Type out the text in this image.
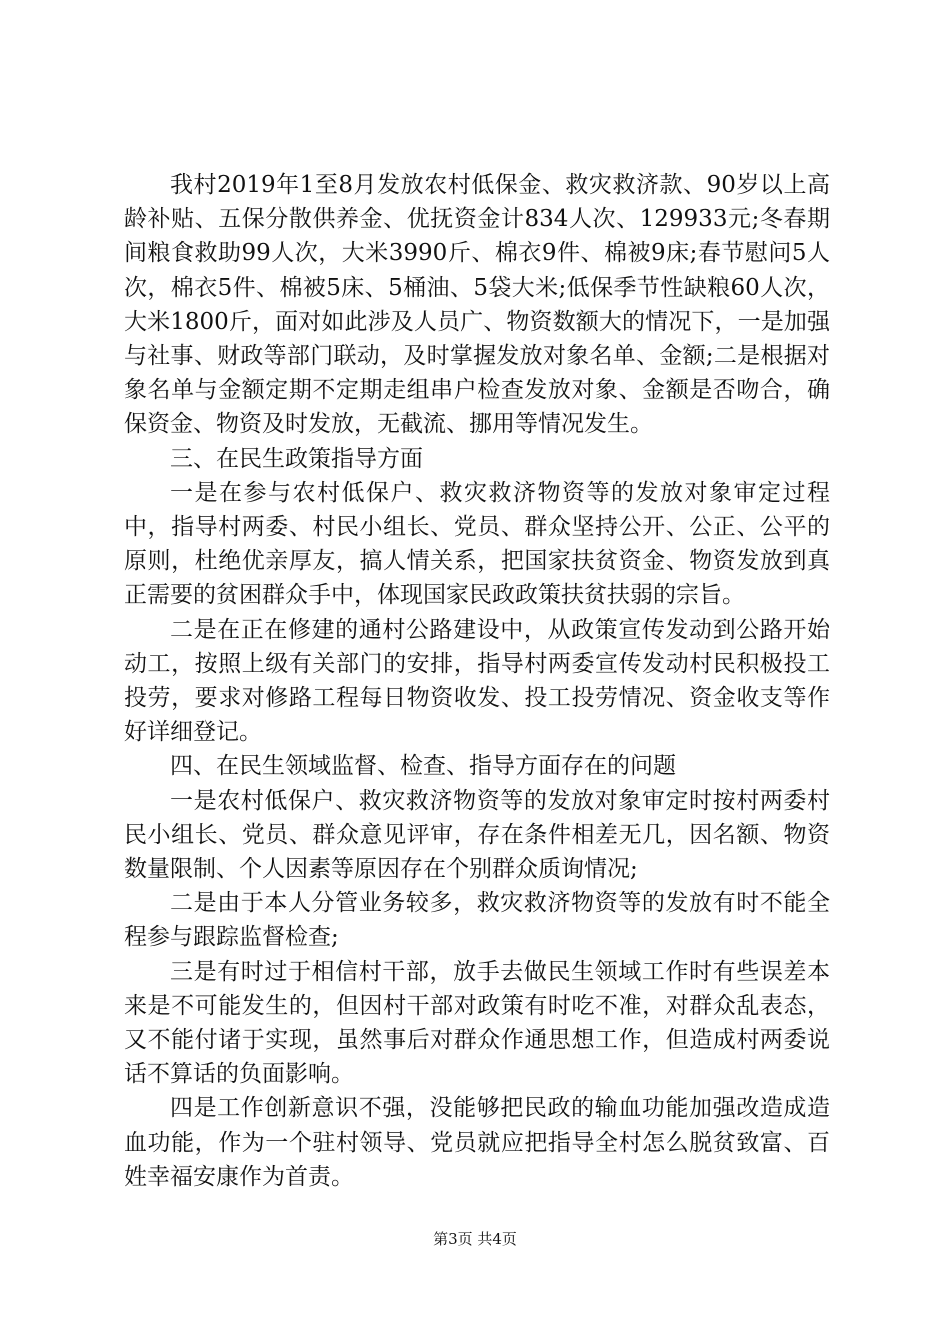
我村2019年1至8月发放农村低保金、救灾救济款、90岁以上高龄补贴、五保分散供养金、优抚资金计834人次、129933元;冬春期间粮食救助99人次，大米3990斤、棉衣9件、棉被9床;春节慰问5人次，棉衣5件、棉被5床、5桶油、5袋大米;低保季节性缺粮60人次，大米1800斤，面对如此涉及人员广、物资数额大的情况下，一是加强与社事、财政等部门联动，及时掌握发放对象名单、金额;二是根据对象名单与金额定期不定期走组串户检查发放对象、金额是否吻合，确保资金、物资及时发放，无截流、挪用等情况发生。

三、在民生政策指导方面

一是在参与农村低保户、救灾救济物资等的发放对象审定过程中，指导村两委、村民小组长、党员、群众坚持公开、公正、公平的原则，杜绝优亲厚友，搞人情关系，把国家扶贫资金、物资发放到真正需要的贫困群众手中，体现国家民政政策扶贫扶弱的宗旨。

二是在正在修建的通村公路建设中，从政策宣传发动到公路开始动工，按照上级有关部门的安排，指导村两委宣传发动村民积极投工投劳，要求对修路工程每日物资收发、投工投劳情况、资金收支等作好详细登记。

四、在民生领域监督、检查、指导方面存在的问题

一是农村低保户、救灾救济物资等的发放对象审定时按村两委村民小组长、党员、群众意见评审，存在条件相差无几，因名额、物资数量限制、个人因素等原因存在个别群众质询情况;

二是由于本人分管业务较多，救灾救济物资等的发放有时不能全程参与跟踪监督检查;

三是有时过于相信村干部，放手去做民生领域工作时有些误差本来是不可能发生的，但因村干部对政策有时吃不准，对群众乱表态，又不能付诸于实现，虽然事后对群众作通思想工作，但造成村两委说话不算话的负面影响。

四是工作创新意识不强，没能够把民政的输血功能加强改造成造血功能，作为一个驻村领导、党员就应把指导全村怎么脱贫致富、百姓幸福安康作为首责。

第3页 共4页
